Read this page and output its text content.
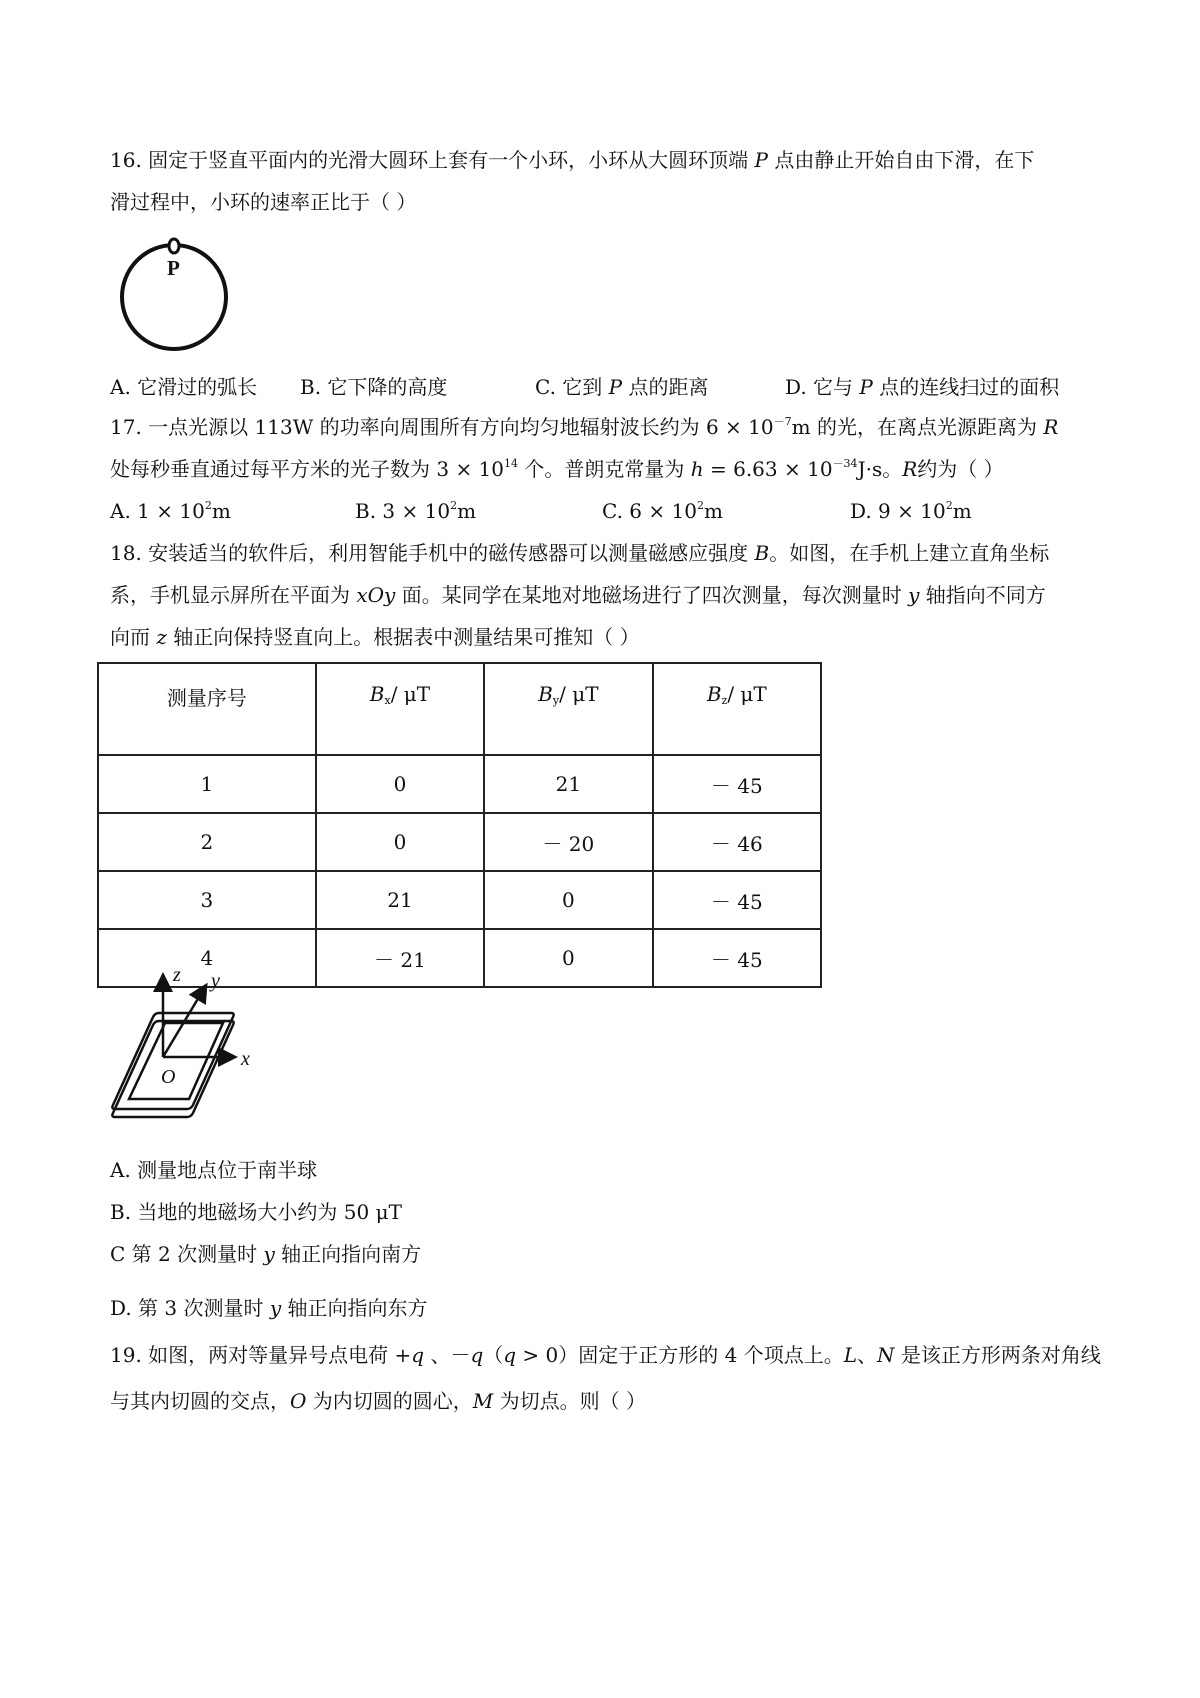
16. 固定于竖直平面内的光滑大圆环上套有一个小环，小环从大圆环顶端 P 点由静止开始自由下滑，在下
滑过程中，小环的速率正比于（ ）
P
A. 它滑过的弧长 B. 它下降的高度	C. 它到 P 点的距离	D. 它与 P 点的连线扫过的面积
17. 一点光源以 113W 的功率向周围所有方向均匀地辐射波长约为 $6 \times 10^{-7}m$ 的光，在离点光源距离为 R
处每秒垂直通过每平方米的光子数为 $3 \times 10^{14}$ 个。普朗克常量为 $h = 6.63 \times 10^{-34}J\cdot s$。R约为（ ）
A. $1 \times 10^2m$	B. $3 \times 10^2m$	C. $6 \times 10^2m$	D. $9 \times 10^2m$
18. 安装适当的软件后，利用智能手机中的磁传感器可以测量磁感应强度 B。如图，在手机上建立直角坐标
系，手机显示屏所在平面为 xOy 面。某同学在某地对地磁场进行了四次测量，每次测量时 y 轴指向不同方
向而 z 轴正向保持竖直向上。根据表中测量结果可推知（ ）
测量序号	$B_x/$ μT	$B_y/$ μT	$B_z/$ μT
1	0	21	－ 45
2	0	－ 20	－ 46
3	21	0	－ 45
4	－ 21	0	－ 45
z y
x
O
A. 测量地点位于南半球
B. 当地的地磁场大小约为 50 μT
C 第 2 次测量时 y 轴正向指向南方
D. 第 3 次测量时 y 轴正向指向东方
19. 如图，两对等量异号点电荷 +q 、－q（q > 0）固定于正方形的 4 个项点上。L、N 是该正方形两条对角线
与其内切圆的交点，O 为内切圆的圆心，M 为切点。则（ ）
